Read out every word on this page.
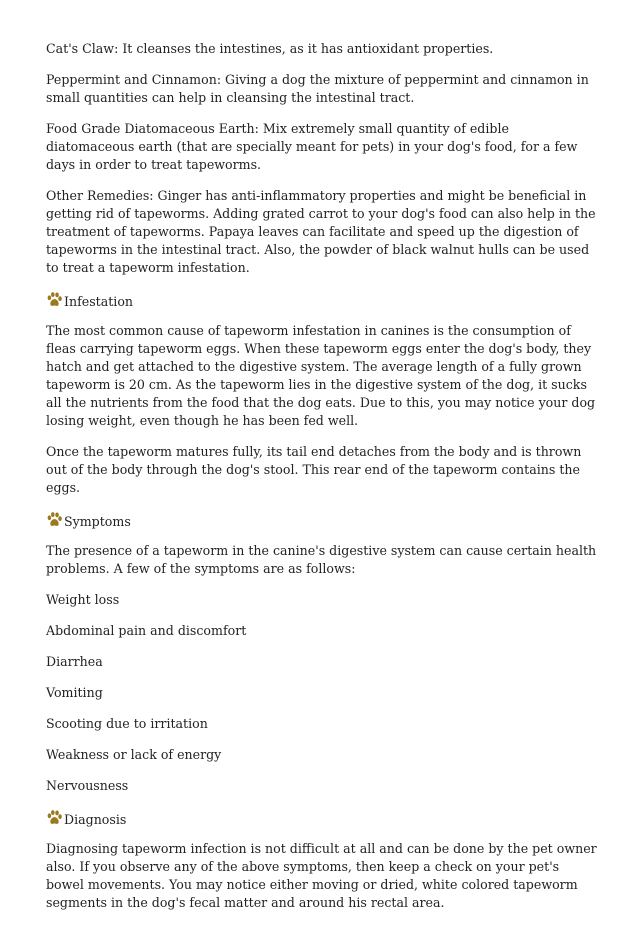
Cat's Claw: It cleanses the intestines, as it has antioxidant properties.

Peppermint and Cinnamon: Giving a dog the mixture of peppermint and cinnamon in small quantities can help in cleansing the intestinal tract.

Food Grade Diatomaceous Earth: Mix extremely small quantity of edible diatomaceous earth (that are specially meant for pets) in your dog's food, for a few days in order to treat tapeworms.

Other Remedies: Ginger has anti-inflammatory properties and might be beneficial in getting rid of tapeworms. Adding grated carrot to your dog's food can also help in the treatment of tapeworms. Papaya leaves can facilitate and speed up the digestion of tapeworms in the intestinal tract. Also, the powder of black walnut hulls can be used to treat a tapeworm infestation.

Infestation

The most common cause of tapeworm infestation in canines is the consumption of fleas carrying tapeworm eggs. When these tapeworm eggs enter the dog's body, they hatch and get attached to the digestive system. The average length of a fully grown tapeworm is 20 cm. As the tapeworm lies in the digestive system of the dog, it sucks all the nutrients from the food that the dog eats. Due to this, you may notice your dog losing weight, even though he has been fed well.

Once the tapeworm matures fully, its tail end detaches from the body and is thrown out of the body through the dog's stool. This rear end of the tapeworm contains the eggs.

Symptoms

The presence of a tapeworm in the canine's digestive system can cause certain health problems. A few of the symptoms are as follows:

Weight loss

Abdominal pain and discomfort

Diarrhea

Vomiting

Scooting due to irritation

Weakness or lack of energy

Nervousness

Diagnosis

Diagnosing tapeworm infection is not difficult at all and can be done by the pet owner also. If you observe any of the above symptoms, then keep a check on your pet's bowel movements. You may notice either moving or dried, white colored tapeworm segments in the dog's fecal matter and around his rectal area.
